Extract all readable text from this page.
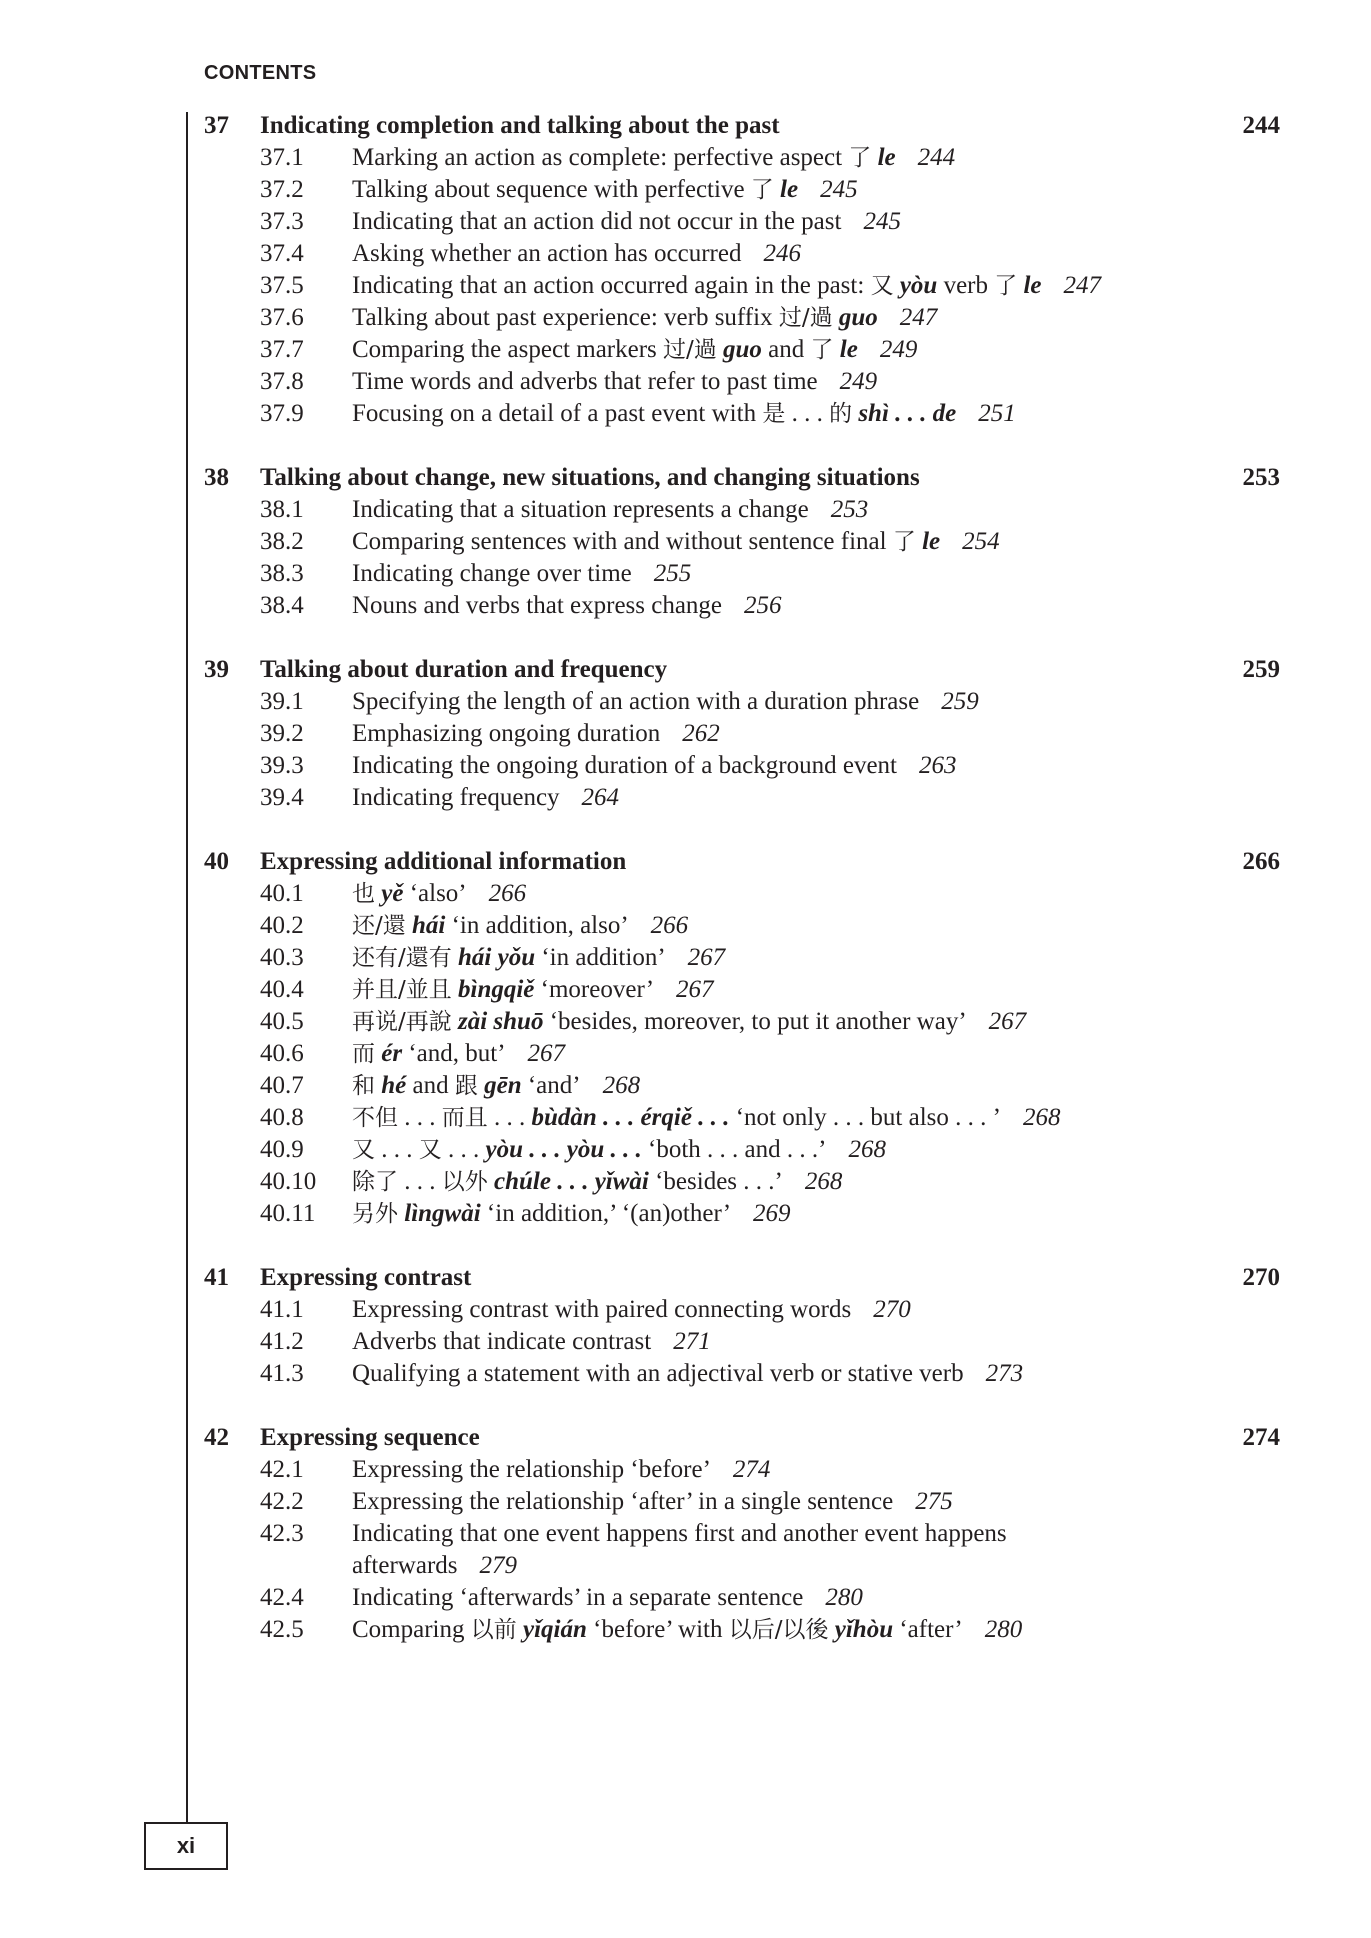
CONTENTS
37	Indicating completion and talking about the past	244
37.1	Marking an action as complete: perfective aspect 了 le 244
37.2	Talking about sequence with perfective 了 le 245
37.3	Indicating that an action did not occur in the past 245
37.4	Asking whether an action has occurred 246
37.5	Indicating that an action occurred again in the past: 又 yòu verb 了 le 247
37.6	Talking about past experience: verb suffix 过/過 guo 247
37.7	Comparing the aspect markers 过/過 guo and 了 le 249
37.8	Time words and adverbs that refer to past time 249
37.9	Focusing on a detail of a past event with 是 . . . 的 shì . . . de 251
38	Talking about change, new situations, and changing situations	253
38.1	Indicating that a situation represents a change 253
38.2	Comparing sentences with and without sentence final 了 le 254
38.3	Indicating change over time 255
38.4	Nouns and verbs that express change 256
39	Talking about duration and frequency	259
39.1	Specifying the length of an action with a duration phrase 259
39.2	Emphasizing ongoing duration 262
39.3	Indicating the ongoing duration of a background event 263
39.4	Indicating frequency 264
40	Expressing additional information	266
40.1	也 yě ‘also’ 266
40.2	还/還 hái ‘in addition, also’ 266
40.3	还有/還有 hái yǒu ‘in addition’ 267
40.4	并且/並且 bìngqiě ‘moreover’ 267
40.5	再说/再說 zài shuō ‘besides, moreover, to put it another way’ 267
40.6	而 ér ‘and, but’ 267
40.7	和 hé and 跟 gēn ‘and’ 268
40.8	不但 . . . 而且 . . . bùdàn . . . érqiě . . . ‘not only . . . but also . . . ’ 268
40.9	又 . . . 又 . . . yòu . . . yòu . . . ‘both . . . and . . .’ 268
40.10	除了 . . . 以外 chúle . . . yǐwài ‘besides . . .’ 268
40.11	另外 lìngwài ‘in addition,’ ‘(an)other’ 269
41	Expressing contrast	270
41.1	Expressing contrast with paired connecting words 270
41.2	Adverbs that indicate contrast 271
41.3	Qualifying a statement with an adjectival verb or stative verb 273
42	Expressing sequence	274
42.1	Expressing the relationship ‘before’ 274
42.2	Expressing the relationship ‘after’ in a single sentence 275
42.3	Indicating that one event happens first and another event happens afterwards 279
42.4	Indicating ‘afterwards’ in a separate sentence 280
42.5	Comparing 以前 yǐqián ‘before’ with 以后/以後 yǐhòu ‘after’ 280
xi
